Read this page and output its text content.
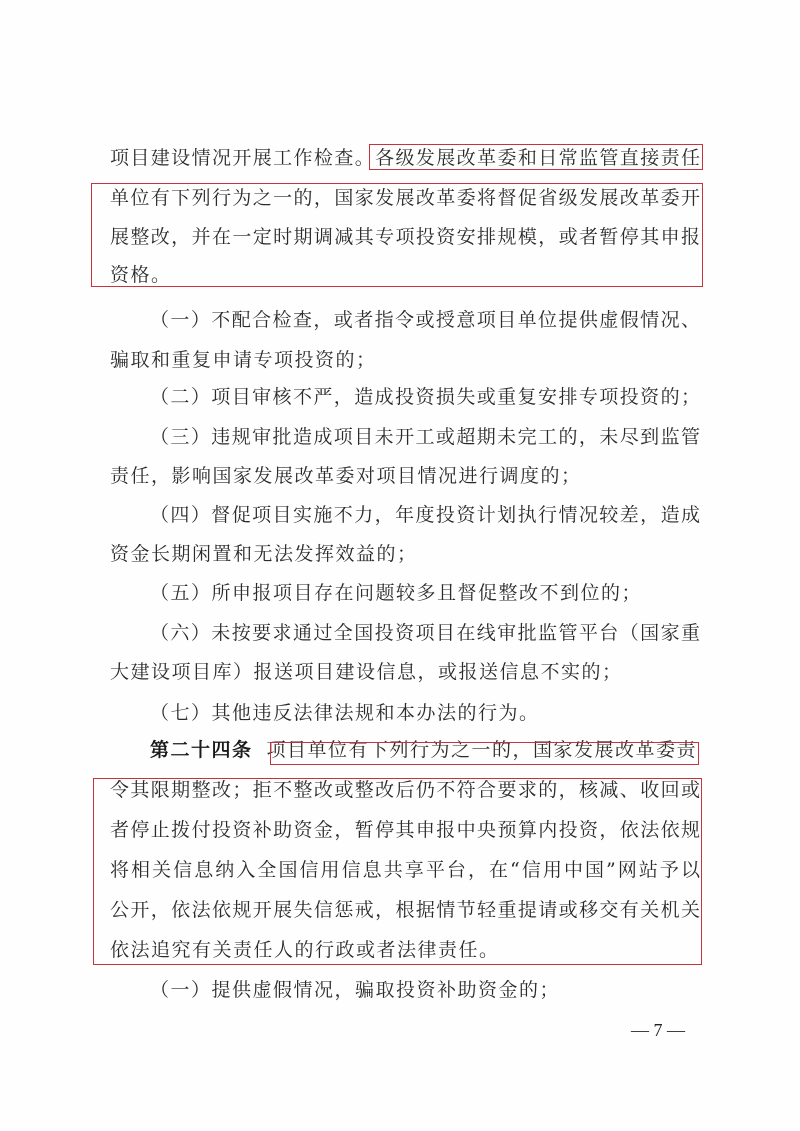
项目建设情况开展工作检查。各级发展改革委和日常监管直接责任
单位有下列行为之一的，国家发展改革委将督促省级发展改革委开
展整改，并在一定时期调减其专项投资安排规模，或者暂停其申报
资格。
（一）不配合检查，或者指令或授意项目单位提供虚假情况、
骗取和重复申请专项投资的；
（二）项目审核不严，造成投资损失或重复安排专项投资的；
（三）违规审批造成项目未开工或超期未完工的，未尽到监管
责任，影响国家发展改革委对项目情况进行调度的；
（四）督促项目实施不力，年度投资计划执行情况较差，造成
资金长期闲置和无法发挥效益的；
（五）所申报项目存在问题较多且督促整改不到位的；
（六）未按要求通过全国投资项目在线审批监管平台（国家重
大建设项目库）报送项目建设信息，或报送信息不实的；
（七）其他违反法律法规和本办法的行为。
第二十四条 项目单位有下列行为之一的，国家发展改革委责
令其限期整改；拒不整改或整改后仍不符合要求的，核减、收回或
者停止拨付投资补助资金，暂停其申报中央预算内投资，依法依规
将相关信息纳入全国信用信息共享平台，在“信用中国”网站予以
公开，依法依规开展失信惩戒，根据情节轻重提请或移交有关机关
依法追究有关责任人的行政或者法律责任。
（一）提供虚假情况，骗取投资补助资金的；
— 7 —
